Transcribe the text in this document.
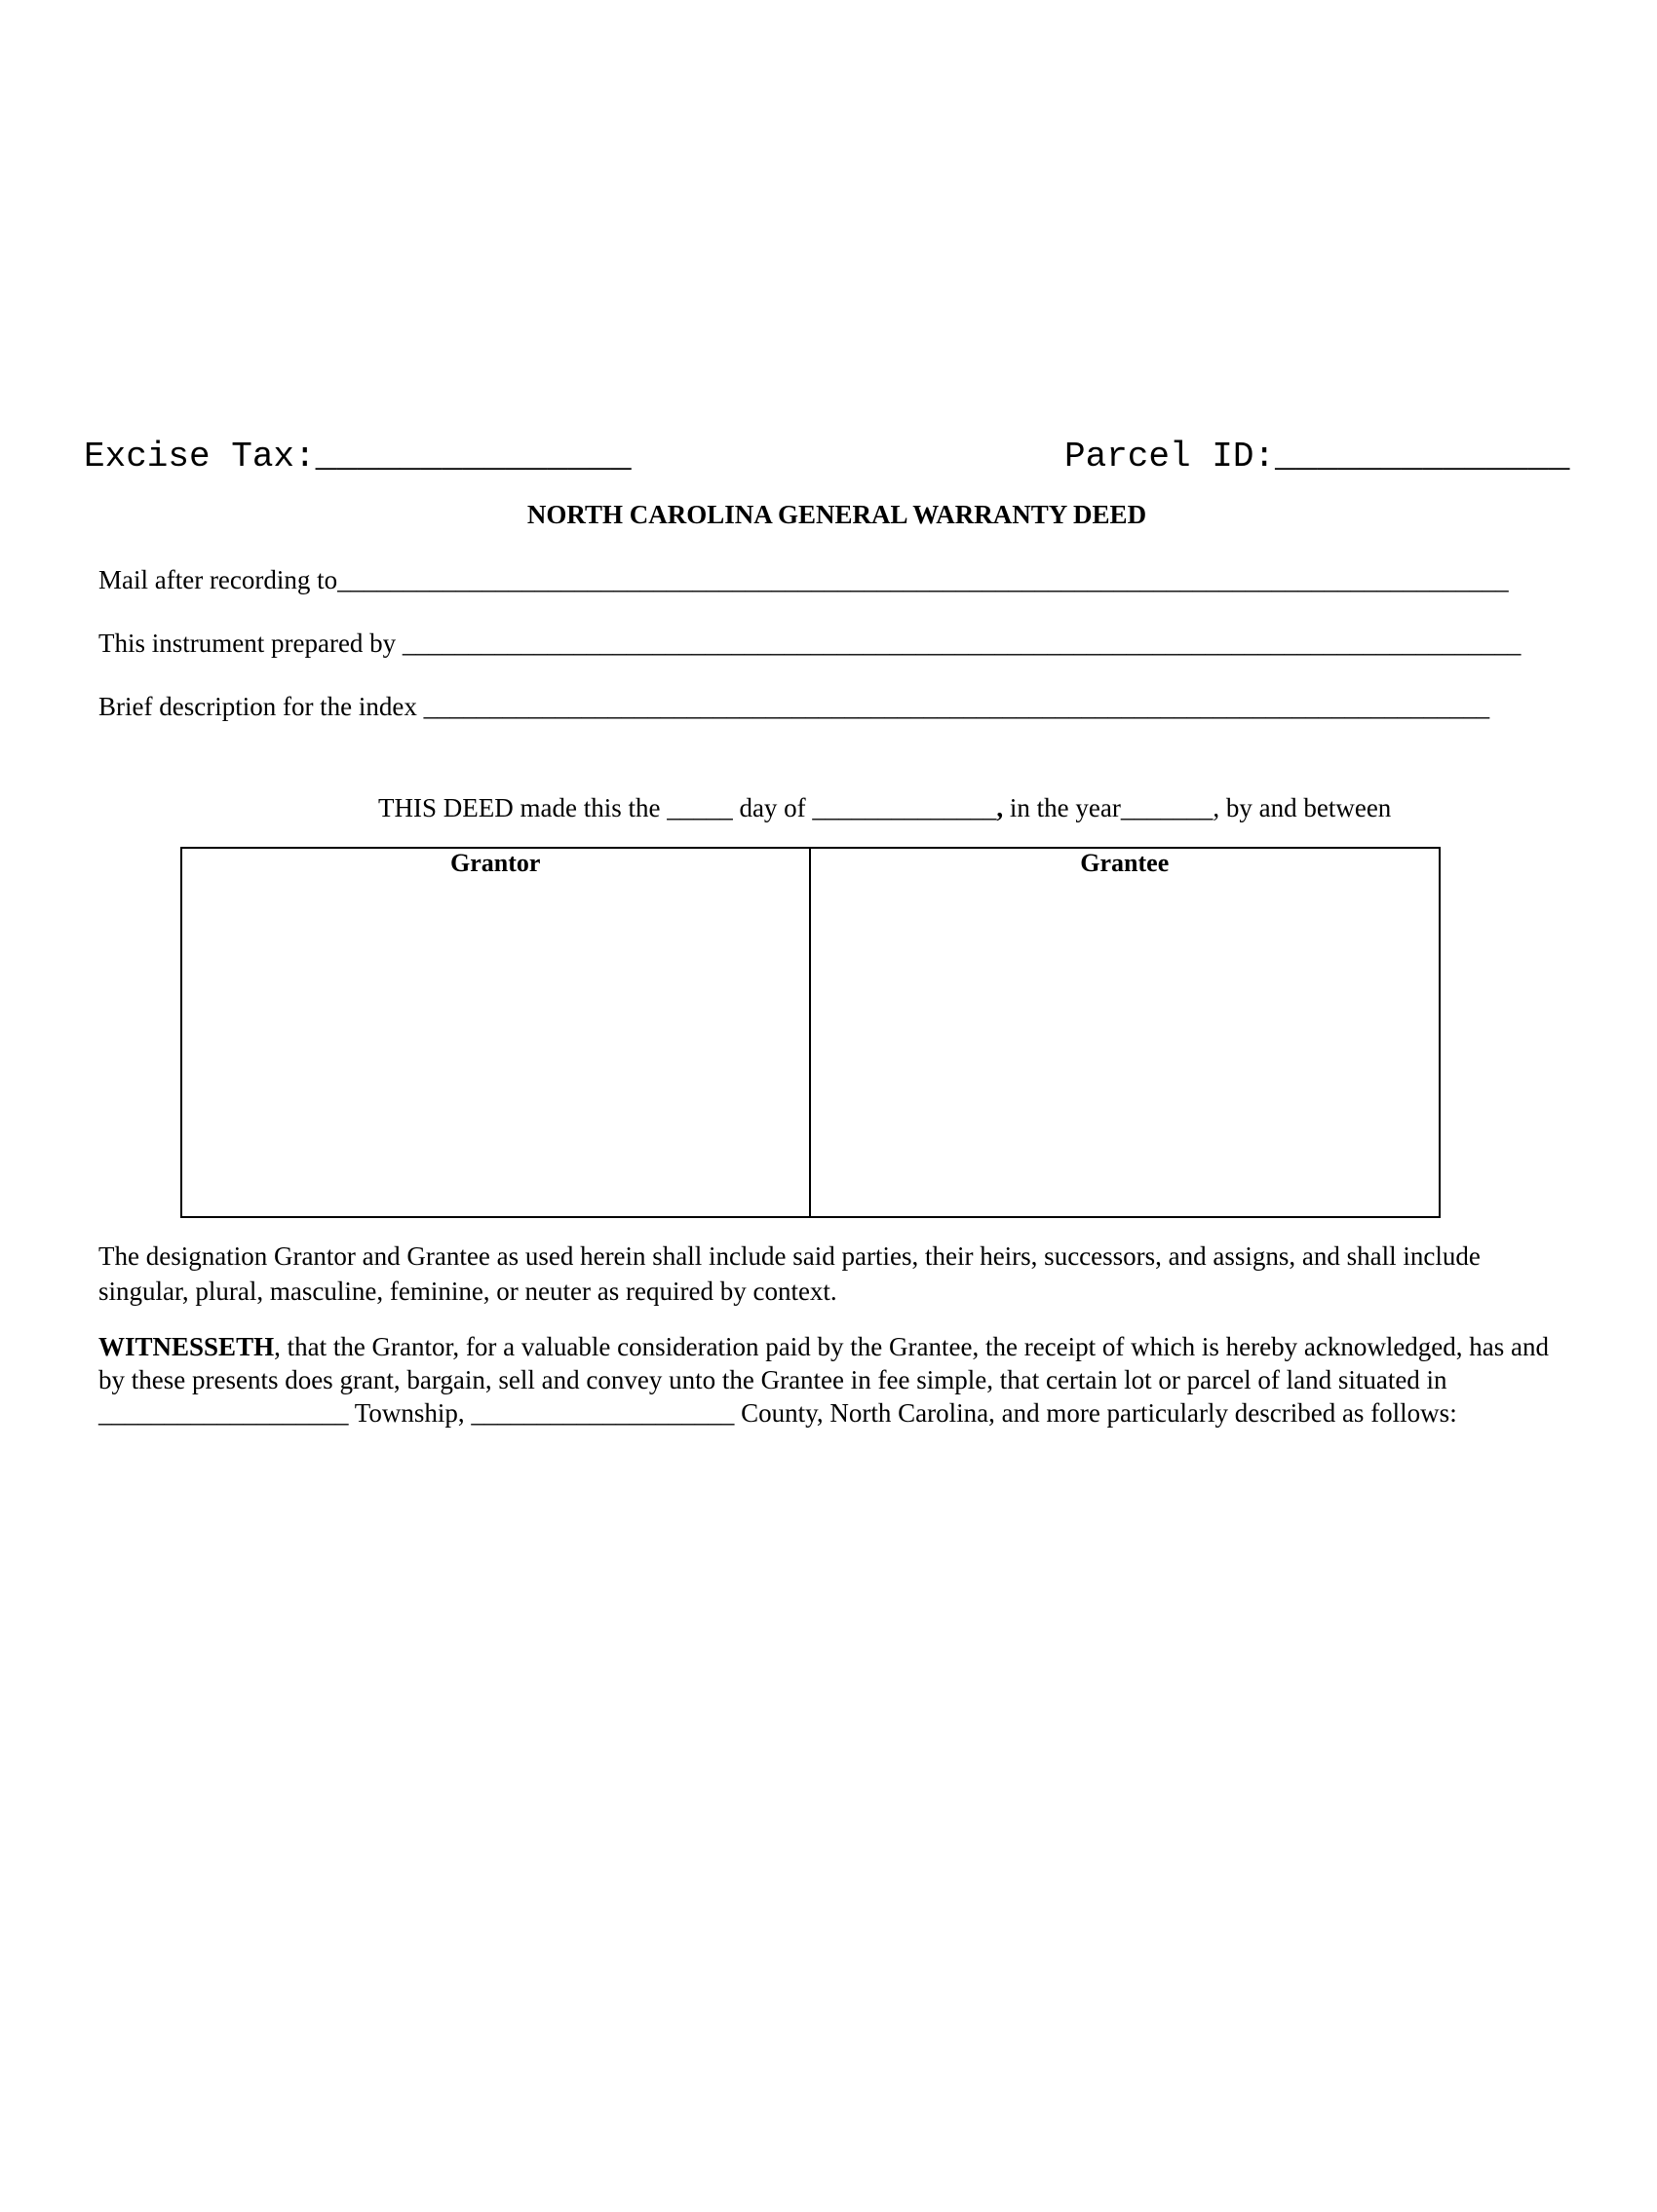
Excise Tax:_______________	Parcel ID:______________
NORTH CAROLINA GENERAL WARRANTY DEED
Mail after recording to_________________________________________________________________________________________
This instrument prepared by _____________________________________________________________________________________
Brief description for the index _________________________________________________________________________________
THIS DEED made this the _____ day of ______________, in the year_______, by and between
Grantor	Grantee
The designation Grantor and Grantee as used herein shall include said parties, their heirs, successors, and assigns, and shall include singular, plural, masculine, feminine, or neuter as required by context.
WITNESSETH, that the Grantor, for a valuable consideration paid by the Grantee, the receipt of which is hereby acknowledged, has and by these presents does grant, bargain, sell and convey unto the Grantee in fee simple, that certain lot or parcel of land situated in ___________________ Township, ____________________ County, North Carolina, and more particularly described as follows:
